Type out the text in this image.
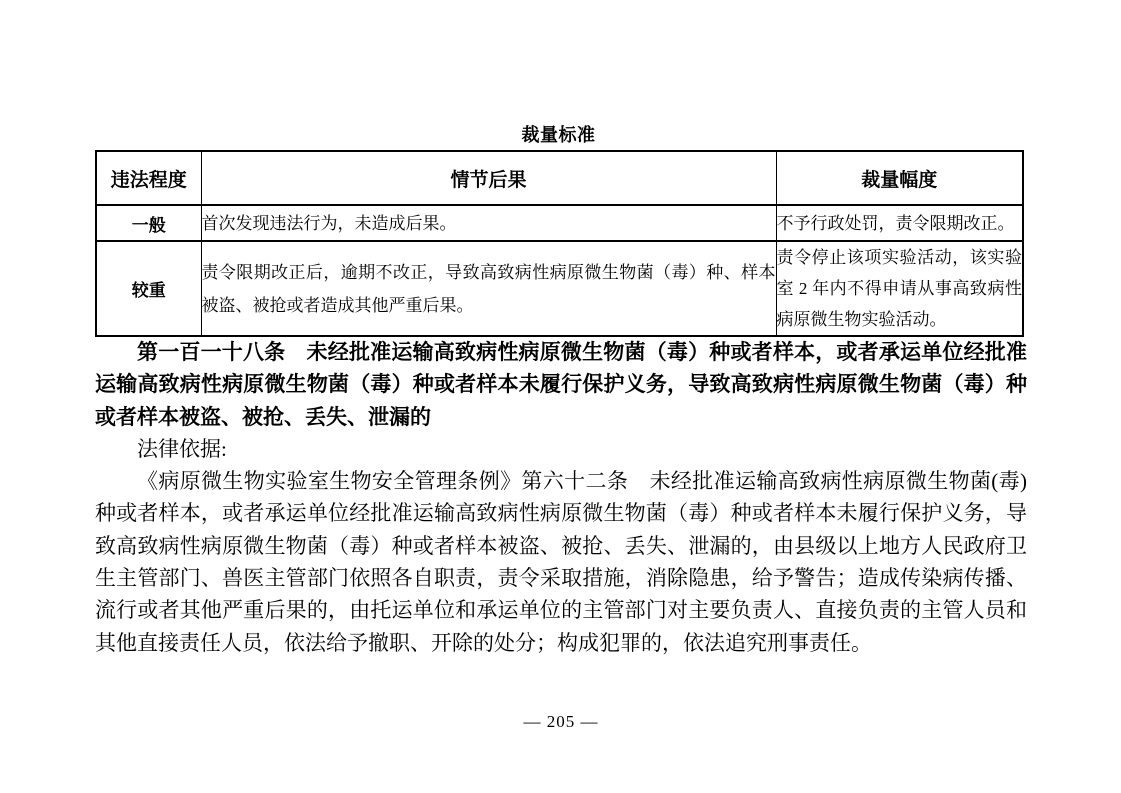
裁量标准
违法程度	情节后果	裁量幅度
一般	首次发现违法行为，未造成后果。	不予行政处罚，责令限期改正。
较重	责令限期改正后，逾期不改正，导致高致病性病原微生物菌（毒）种、样本被盗、被抢或者造成其他严重后果。	责令停止该项实验活动，该实验室 2 年内不得申请从事高致病性病原微生物实验活动。

第一百一十八条　未经批准运输高致病性病原微生物菌（毒）种或者样本，或者承运单位经批准运输高致病性病原微生物菌（毒）种或者样本未履行保护义务，导致高致病性病原微生物菌（毒）种或者样本被盗、被抢、丢失、泄漏的

法律依据:

《病原微生物实验室生物安全管理条例》第六十二条　未经批准运输高致病性病原微生物菌(毒)种或者样本，或者承运单位经批准运输高致病性病原微生物菌（毒）种或者样本未履行保护义务，导致高致病性病原微生物菌（毒）种或者样本被盗、被抢、丢失、泄漏的，由县级以上地方人民政府卫生主管部门、兽医主管部门依照各自职责，责令采取措施，消除隐患，给予警告；造成传染病传播、流行或者其他严重后果的，由托运单位和承运单位的主管部门对主要负责人、直接负责的主管人员和其他直接责任人员，依法给予撤职、开除的处分；构成犯罪的，依法追究刑事责任。

— 205 —
